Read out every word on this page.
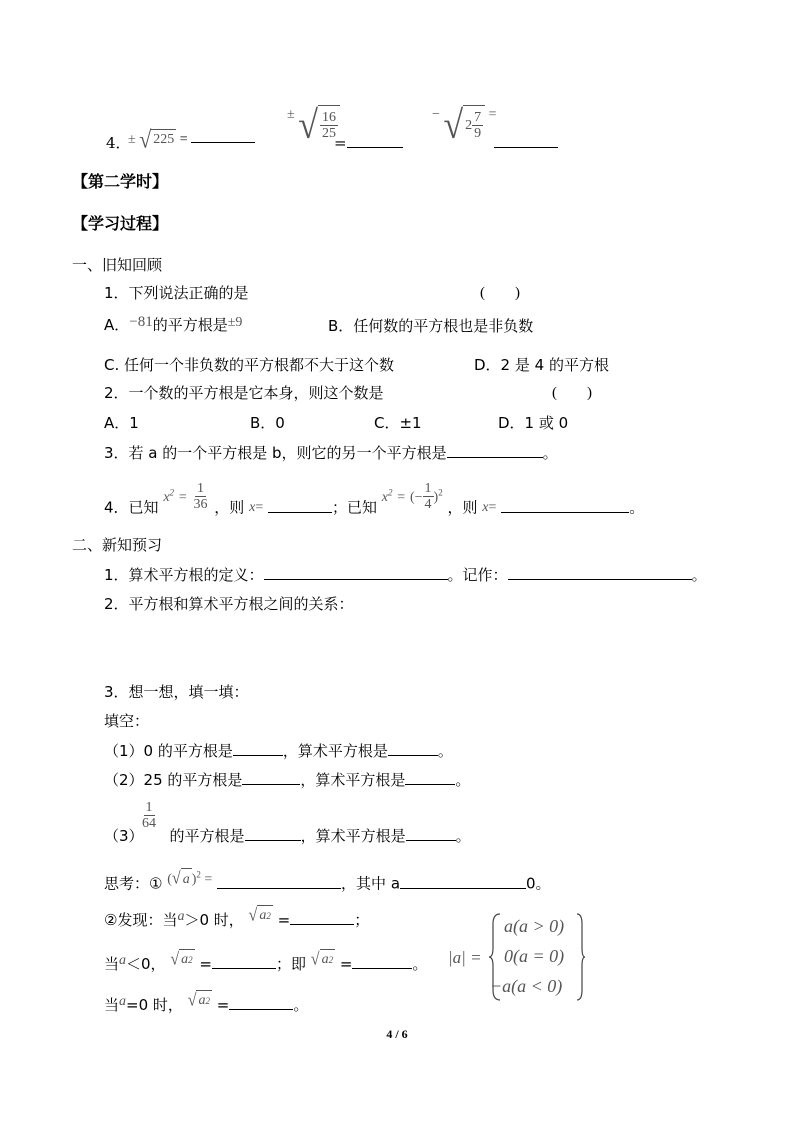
4．
± √ 225 =
± √ $\frac{16}{25}$
=
− √ $2 \frac{7}{9}$ =
【第二学时】
【学习过程】
一、旧知回顾
1．下列说法正确的是	(　　)
A．−81的平方根是±9	B．任何数的平方根也是非负数
C. 任何一个非负数的平方根都不大于这个数	D．2 是 4 的平方根
2．一个数的平方根是它本身，则这个数是	(　　)
A．1	B．0	C．±1	D．1 或 0
3．若 a 的一个平方根是 b，则它的另一个平方根是	。
4．已知 $x^2 = \frac{1}{36}$ ，则 x=	；已知 $x^2$ = (− $\frac{1}{4} )^2$ ，则 x=	。
二、新知预习
1．算术平方根的定义：	。记作：	。
2．平方根和算术平方根之间的关系：
3．想一想，填一填：
填空：
（1）0 的平方根是	，算术平方根是	。
（2）25 的平方根是	，算术平方根是	。
$\frac{1}{64}$
（3） 的平方根是	，算术平方根是	。
思考：① ( √ a )$^2$ =	，其中 a	0。
②发现：当a＞0 时， √ a 2 =	；
当a＜0， √ a 2 =	；即 √ a 2 =	。
当a=0 时， √ a 2 =	。
|a| =
a(a > 0)
0(a = 0)
−a(a < 0)
4 / 6
